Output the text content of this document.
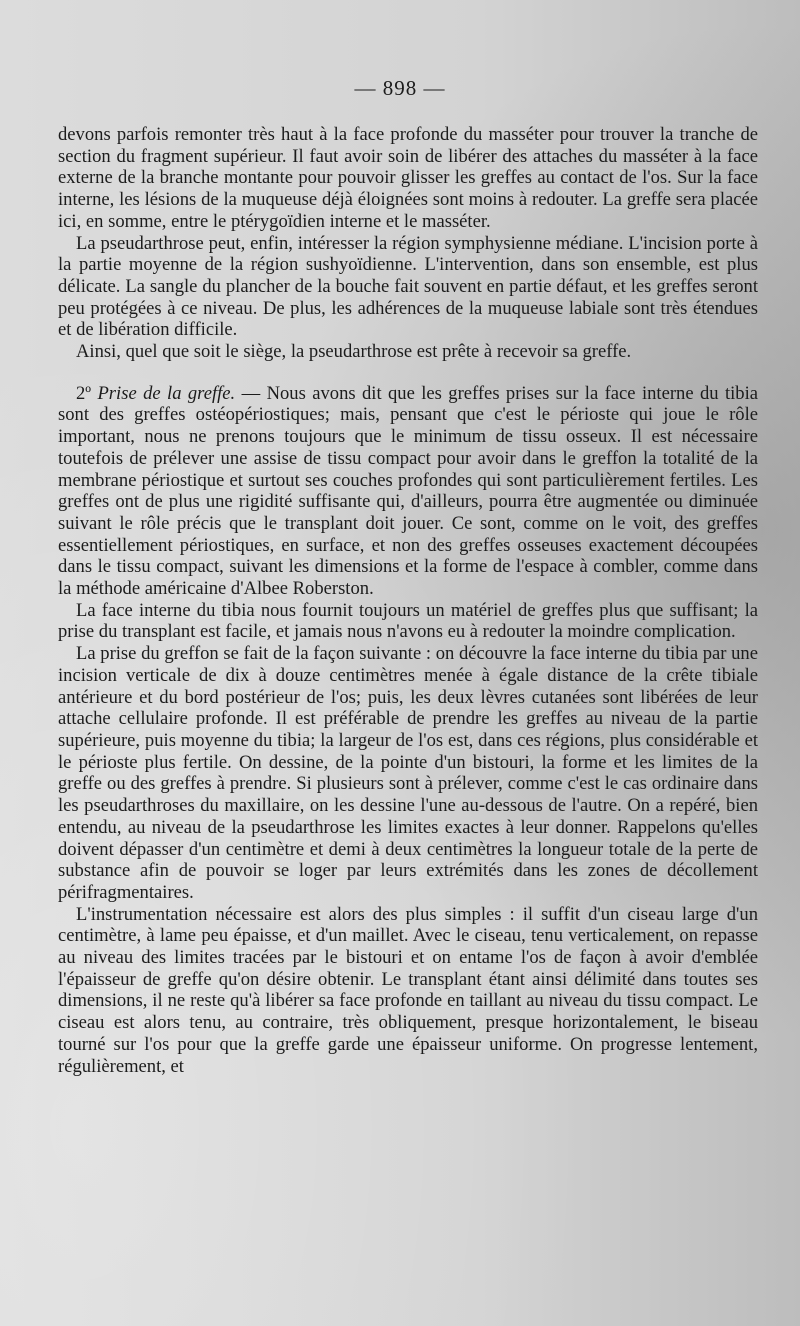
— 898 —

devons parfois remonter très haut à la face profonde du masséter pour trouver la tranche de section du fragment supérieur. Il faut avoir soin de libérer des attaches du masséter à la face externe de la branche montante pour pouvoir glisser les greffes au contact de l'os. Sur la face interne, les lésions de la muqueuse déjà éloignées sont moins à redouter. La greffe sera placée ici, en somme, entre le ptérygoïdien interne et le masséter.

La pseudarthrose peut, enfin, intéresser la région symphysienne médiane. L'incision porte à la partie moyenne de la région sushyoïdienne. L'intervention, dans son ensemble, est plus délicate. La sangle du plancher de la bouche fait souvent en partie défaut, et les greffes seront peu protégées à ce niveau. De plus, les adhérences de la muqueuse labiale sont très étendues et de libération difficile.

Ainsi, quel que soit le siège, la pseudarthrose est prête à recevoir sa greffe.

2º Prise de la greffe. — Nous avons dit que les greffes prises sur la face interne du tibia sont des greffes ostéopériostiques; mais, pensant que c'est le périoste qui joue le rôle important, nous ne prenons toujours que le minimum de tissu osseux. Il est nécessaire toutefois de prélever une assise de tissu compact pour avoir dans le greffon la totalité de la membrane périostique et surtout ses couches profondes qui sont particulièrement fertiles. Les greffes ont de plus une rigidité suffisante qui, d'ailleurs, pourra être augmentée ou diminuée suivant le rôle précis que le transplant doit jouer. Ce sont, comme on le voit, des greffes essentiellement périostiques, en surface, et non des greffes osseuses exactement découpées dans le tissu compact, suivant les dimensions et la forme de l'espace à combler, comme dans la méthode américaine d'Albee Roberston.

La face interne du tibia nous fournit toujours un matériel de greffes plus que suffisant; la prise du transplant est facile, et jamais nous n'avons eu à redouter la moindre complication.

La prise du greffon se fait de la façon suivante : on découvre la face interne du tibia par une incision verticale de dix à douze centimètres menée à égale distance de la crête tibiale antérieure et du bord postérieur de l'os; puis, les deux lèvres cutanées sont libérées de leur attache cellulaire profonde. Il est préférable de prendre les greffes au niveau de la partie supérieure, puis moyenne du tibia; la largeur de l'os est, dans ces régions, plus considérable et le périoste plus fertile. On dessine, de la pointe d'un bistouri, la forme et les limites de la greffe ou des greffes à prendre. Si plusieurs sont à prélever, comme c'est le cas ordinaire dans les pseudarthroses du maxillaire, on les dessine l'une au-dessous de l'autre. On a repéré, bien entendu, au niveau de la pseudarthrose les limites exactes à leur donner. Rappelons qu'elles doivent dépasser d'un centimètre et demi à deux centimètres la longueur totale de la perte de substance afin de pouvoir se loger par leurs extrémités dans les zones de décollement périfragmentaires.

L'instrumentation nécessaire est alors des plus simples : il suffit d'un ciseau large d'un centimètre, à lame peu épaisse, et d'un maillet. Avec le ciseau, tenu verticalement, on repasse au niveau des limites tracées par le bistouri et on entame l'os de façon à avoir d'emblée l'épaisseur de greffe qu'on désire obtenir. Le transplant étant ainsi délimité dans toutes ses dimensions, il ne reste qu'à libérer sa face profonde en taillant au niveau du tissu compact. Le ciseau est alors tenu, au contraire, très obliquement, presque horizontalement, le biseau tourné sur l'os pour que la greffe garde une épaisseur uniforme. On progresse lentement, régulièrement, et
